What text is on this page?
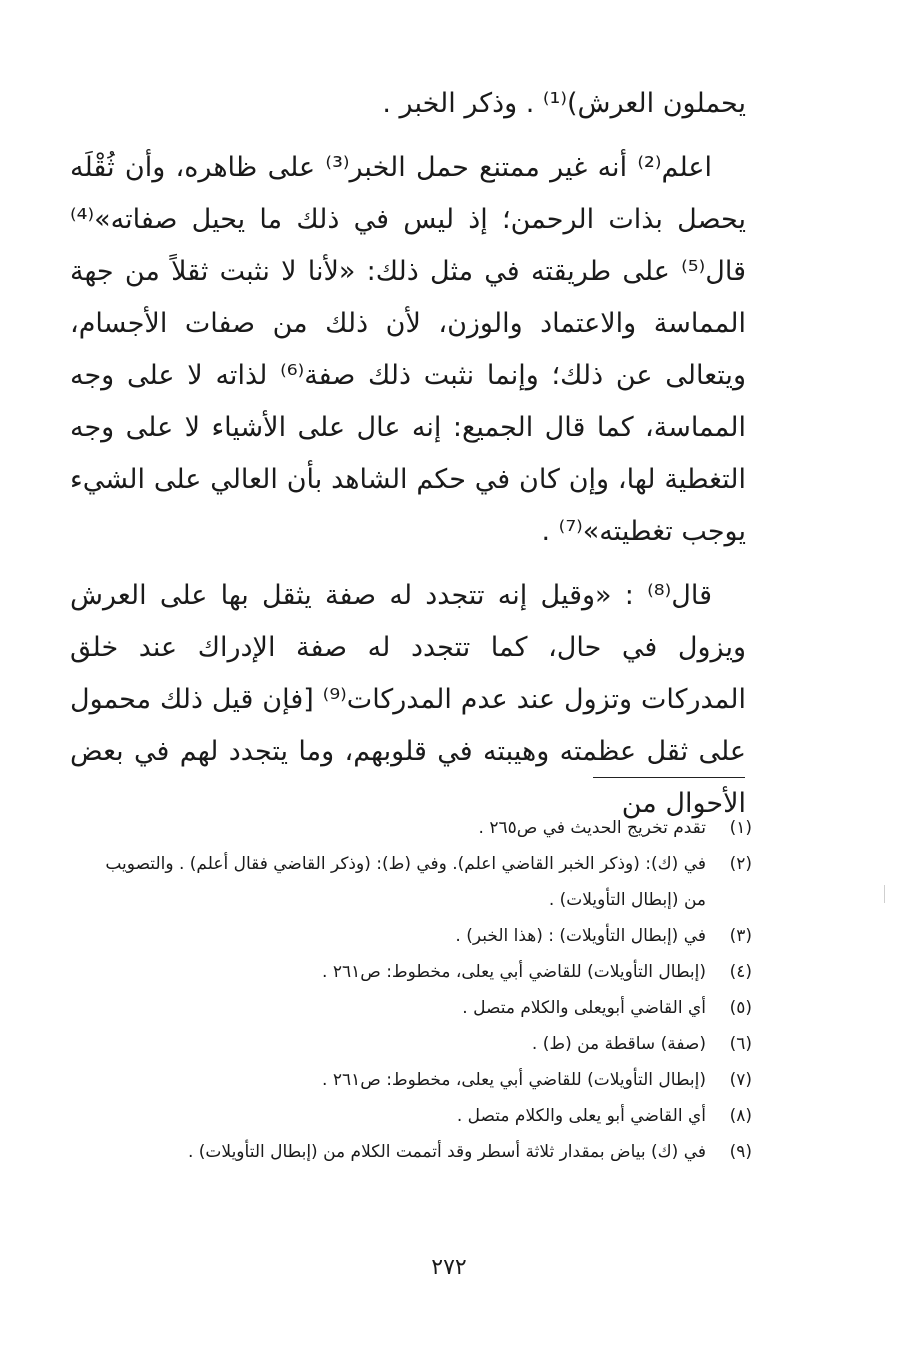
يحملون العرش)⁽¹⁾ . وذكر الخبر .

اعلم⁽²⁾ أنه غير ممتنع حمل الخبر⁽³⁾ على ظاهره، وأن ثُقْلَه يحصل بذات الرحمن؛ إذ ليس في ذلك ما يحيل صفاته»⁽⁴⁾ قال⁽⁵⁾ على طريقته في مثل ذلك: «لأنا لا نثبت ثقلاً من جهة المماسة والاعتماد والوزن، لأن ذلك من صفات الأجسام، ويتعالى عن ذلك؛ وإنما نثبت ذلك صفة⁽⁶⁾ لذاته لا على وجه المماسة، كما قال الجميع: إنه عال على الأشياء لا على وجه التغطية لها، وإن كان في حكم الشاهد بأن العالي على الشيء يوجب تغطيته»⁽⁷⁾ .

قال⁽⁸⁾ : «وقيل إنه تتجدد له صفة يثقل بها على العرش ويزول في حال، كما تتجدد له صفة الإدراك عند خلق المدركات وتزول عند عدم المدركات⁽⁹⁾ [فإن قيل ذلك محمول على ثقل عظمته وهيبته في قلوبهم، وما يتجدد لهم في بعض الأحوال من

(١)
تقدم تخريج الحديث في ص٢٦٥ .
(٢)
في (ك): (وذكر الخبر القاضي اعلم). وفي (ط): (وذكر القاضي فقال أعلم) . والتصويب من (إبطال التأويلات) .
(٣)
في (إبطال التأويلات) : (هذا الخبر) .
(٤)
(إبطال التأويلات) للقاضي أبي يعلى، مخطوط: ص٢٦١ .
(٥)
أي القاضي أبويعلى والكلام متصل .
(٦)
(صفة) ساقطة من (ط) .
(٧)
(إبطال التأويلات) للقاضي أبي يعلى، مخطوط: ص٢٦١ .
(٨)
أي القاضي أبو يعلى والكلام متصل .
(٩)
في (ك) بياض بمقدار ثلاثة أسطر وقد أتممت الكلام من (إبطال التأويلات) .
٢٧٢
